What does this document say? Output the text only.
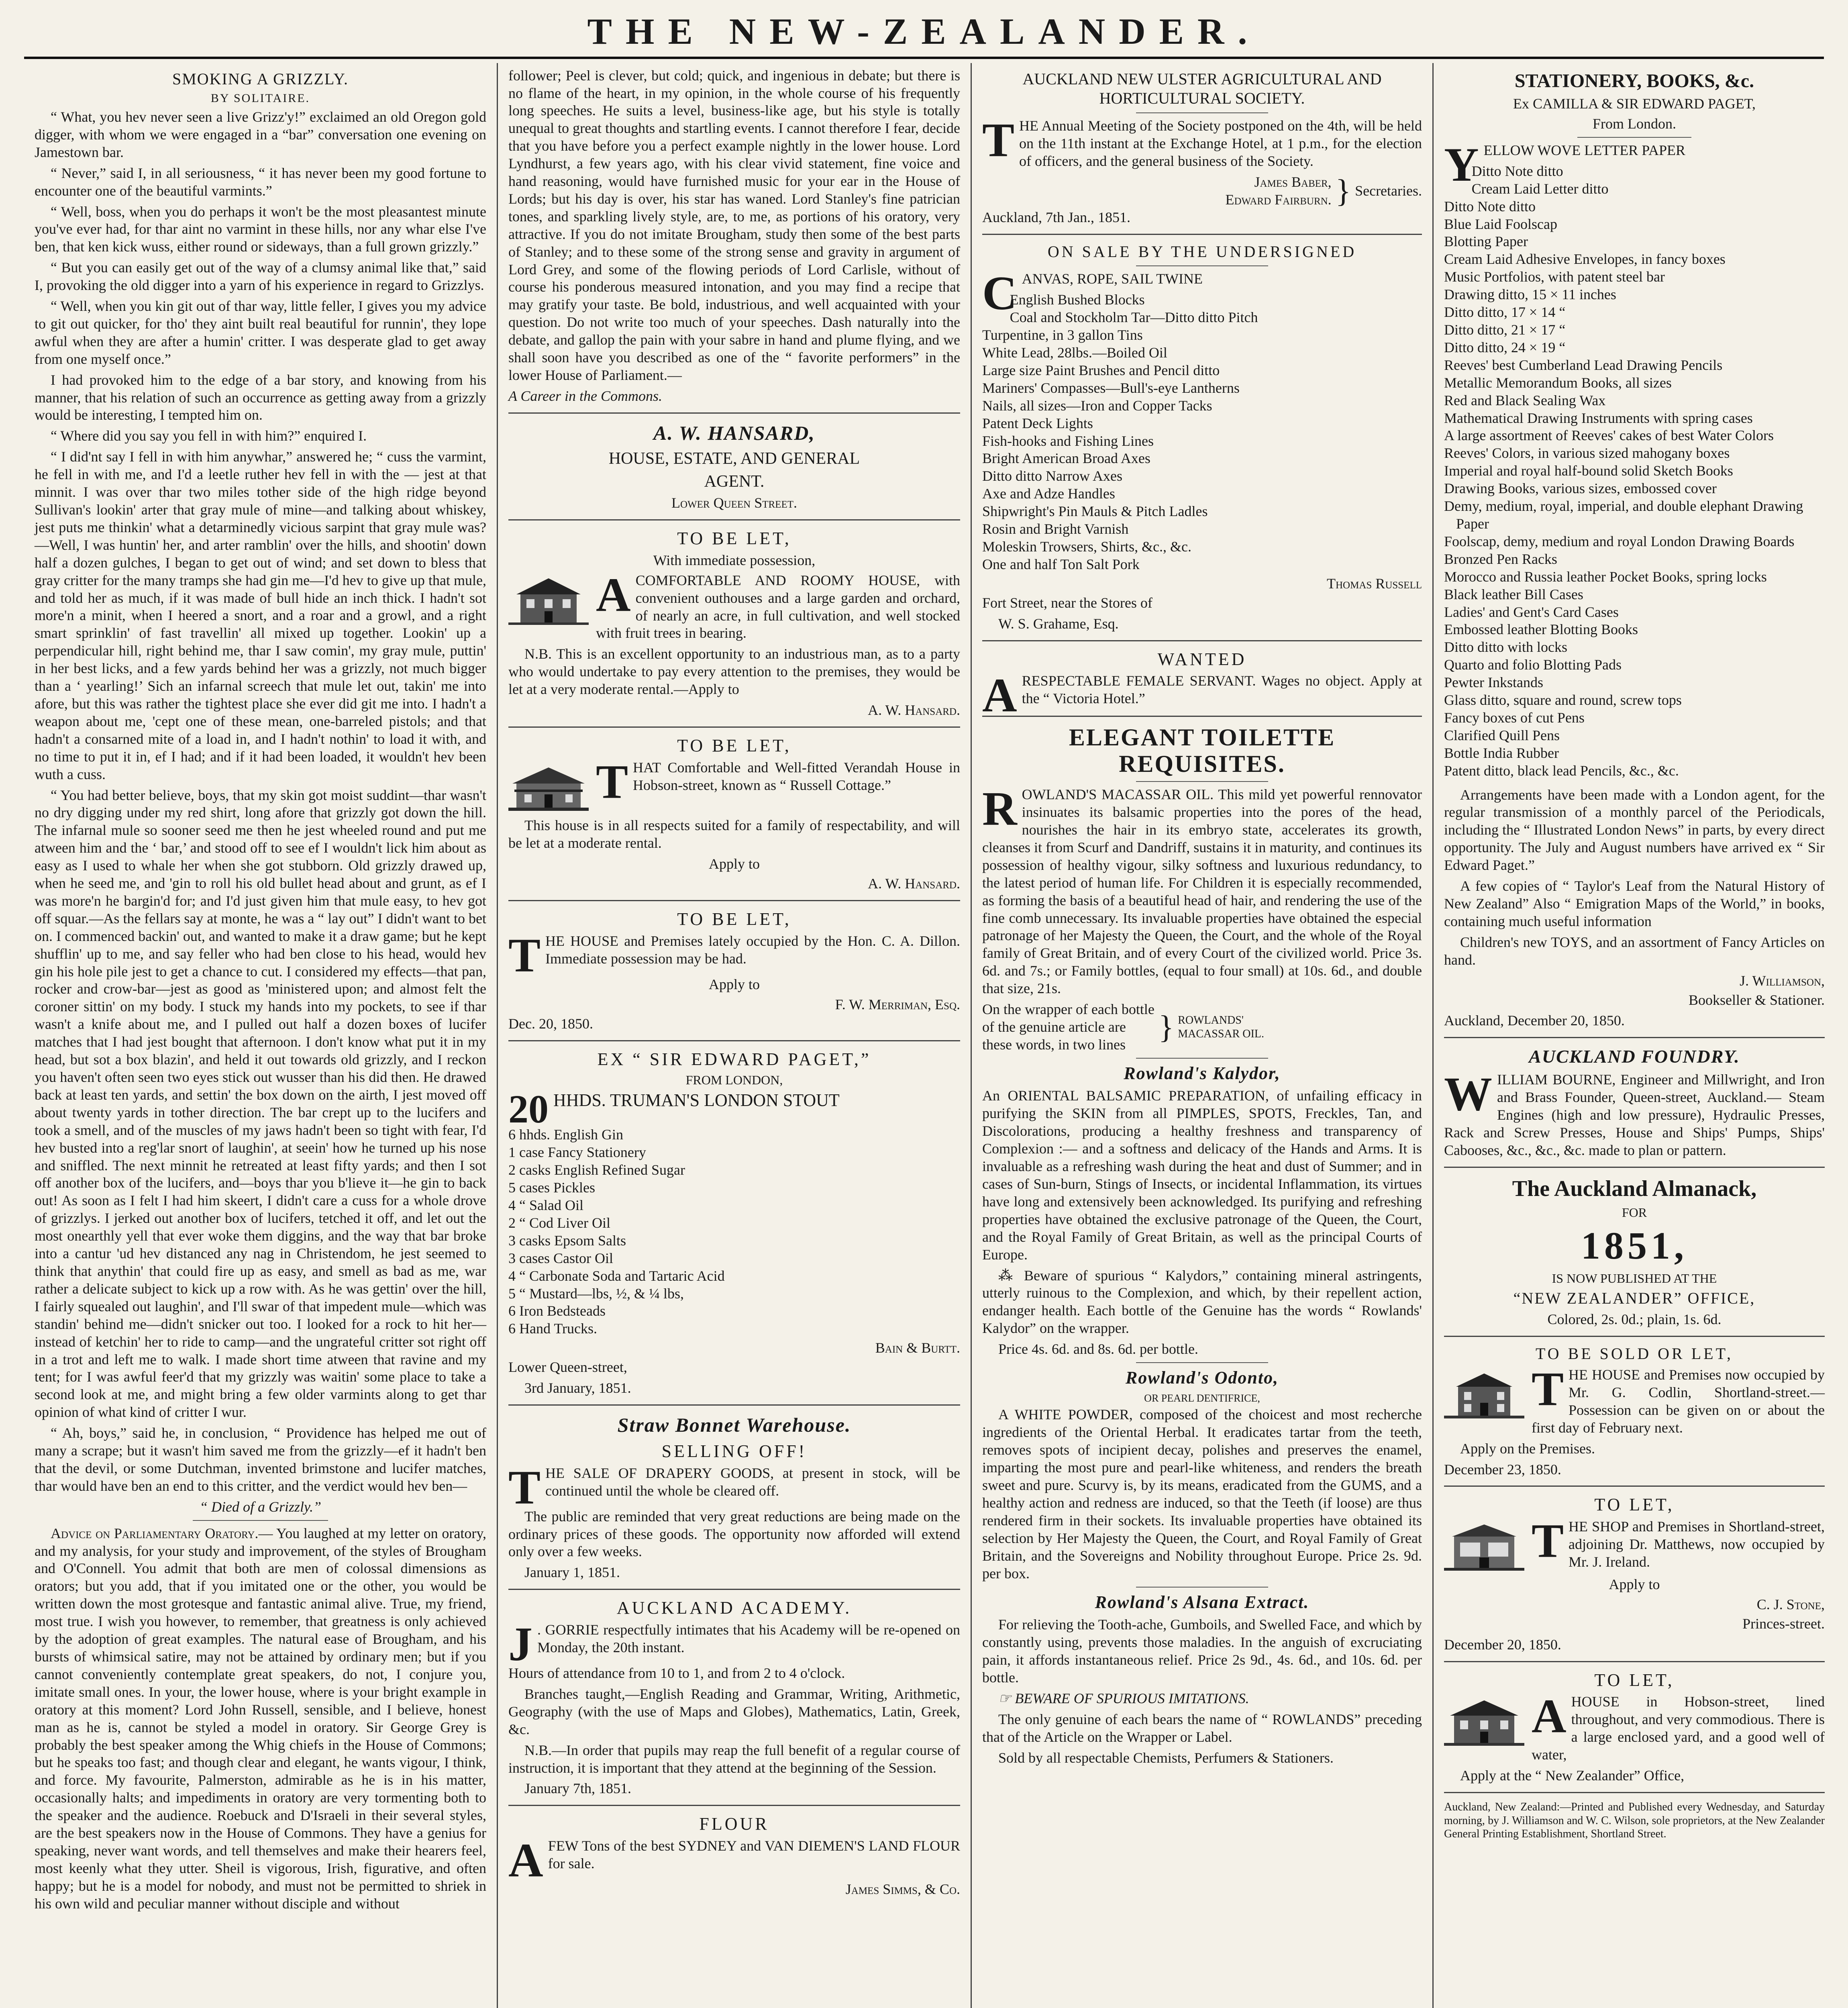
THE NEW-ZEALANDER.

SMOKING A GRIZZLY.

BY SOLITAIRE.

“ What, you hev never seen a live Grizz'y!” exclaimed an old Oregon gold digger, with whom we were engaged in a “bar” conversation one evening on Jamestown bar.

“ Never,” said I, in all seriousness, “ it has never been my good fortune to encounter one of the beautiful varmints.”

“ Well, boss, when you do perhaps it won't be the most pleasantest minute you've ever had, for thar aint no varmint in these hills, nor any whar else I've ben, that ken kick wuss, either round or sideways, than a full grown grizzly.”

“ But you can easily get out of the way of a clumsy animal like that,” said I, provoking the old digger into a yarn of his experience in regard to Grizzlys.

“ Well, when you kin git out of thar way, little feller, I gives you my advice to git out quicker, for tho' they aint built real beautiful for runnin', they lope awful when they are after a humin' critter. I was desperate glad to get away from one myself once.”

I had provoked him to the edge of a bar story, and knowing from his manner, that his relation of such an occurrence as getting away from a grizzly would be interesting, I tempted him on.

“ Where did you say you fell in with him?” enquired I.

“ I did'nt say I fell in with him anywhar,” answered he; “ cuss the varmint, he fell in with me, and I'd a leetle ruther hev fell in with the — jest at that minnit. I was over thar two miles tother side of the high ridge beyond Sullivan's lookin' arter that gray mule of mine—and talking about whiskey, jest puts me thinkin' what a detarminedly vicious sarpint that gray mule was?—Well, I was huntin' her, and arter ramblin' over the hills, and shootin' down half a dozen gulches, I began to get out of wind; and set down to bless that gray critter for the many tramps she had gin me—I'd hev to give up that mule, and told her as much, if it was made of bull hide an inch thick. I hadn't sot more'n a minit, when I heered a snort, and a roar and a growl, and a right smart sprinklin' of fast travellin' all mixed up together. Lookin' up a perpendicular hill, right behind me, thar I saw comin', my gray mule, puttin' in her best licks, and a few yards behind her was a grizzly, not much bigger than a ‘ yearling!’ Sich an infarnal screech that mule let out, takin' me into afore, but this was rather the tightest place she ever did git me into. I hadn't a weapon about me, 'cept one of these mean, one-barreled pistols; and that hadn't a consarned mite of a load in, and I hadn't nothin' to load it with, and no time to put it in, ef I had; and if it had been loaded, it wouldn't hev been wuth a cuss.

“ You had better believe, boys, that my skin got moist suddint—thar wasn't no dry digging under my red shirt, long afore that grizzly got down the hill. The infarnal mule so sooner seed me then he jest wheeled round and put me atween him and the ‘ bar,’ and stood off to see ef I wouldn't lick him about as easy as I used to whale her when she got stubborn. Old grizzly drawed up, when he seed me, and 'gin to roll his old bullet head about and grunt, as ef I was more'n he bargin'd for; and I'd just given him that mule easy, to hev got off squar.—As the fellars say at monte, he was a “ lay out” I didn't want to bet on. I commenced backin' out, and wanted to make it a draw game; but he kept shufflin' up to me, and say feller who had ben close to his head, would hev gin his hole pile jest to get a chance to cut. I considered my effects—that pan, rocker and crow-bar—jest as good as 'ministered upon; and almost felt the coroner sittin' on my body. I stuck my hands into my pockets, to see if thar wasn't a knife about me, and I pulled out half a dozen boxes of lucifer matches that I had jest bought that afternoon. I don't know what put it in my head, but sot a box blazin', and held it out towards old grizzly, and I reckon you haven't often seen two eyes stick out wusser than his did then. He drawed back at least ten yards, and settin' the box down on the airth, I jest moved off about twenty yards in tother direction. The bar crept up to the lucifers and took a smell, and of the muscles of my jaws hadn't been so tight with fear, I'd hev busted into a reg'lar snort of laughin', at seein' how he turned up his nose and sniffled. The next minnit he retreated at least fifty yards; and then I sot off another box of the lucifers, and—boys thar you b'lieve it—he gin to back out! As soon as I felt I had him skeert, I didn't care a cuss for a whole drove of grizzlys. I jerked out another box of lucifers, tetched it off, and let out the most onearthly yell that ever woke them diggins, and the way that bar broke into a cantur 'ud hev distanced any nag in Christendom, he jest seemed to think that anythin' that could fire up as easy, and smell as bad as me, war rather a delicate subject to kick up a row with. As he was gettin' over the hill, I fairly squealed out laughin', and I'll swar of that impedent mule—which was standin' behind me—didn't snicker out too. I looked for a rock to hit her—instead of ketchin' her to ride to camp—and the ungrateful critter sot right off in a trot and left me to walk. I made short time atween that ravine and my tent; for I was awful feer'd that my grizzly was waitin' some place to take a second look at me, and might bring a few older varmints along to get thar opinion of what kind of critter I wur.

“ Ah, boys,” said he, in conclusion, “ Providence has helped me out of many a scrape; but it wasn't him saved me from the grizzly—ef it hadn't ben that the devil, or some Dutchman, invented brimstone and lucifer matches, thar would have ben an end to this critter, and the verdict would hev ben—

“ Died of a Grizzly.”

Advice on Parliamentary Oratory.— You laughed at my letter on oratory, and my analysis, for your study and improvement, of the styles of Brougham and O'Connell. You admit that both are men of colossal dimensions as orators; but you add, that if you imitated one or the other, you would be written down the most grotesque and fantastic animal alive. True, my friend, most true. I wish you however, to remember, that greatness is only achieved by the adoption of great examples. The natural ease of Brougham, and his bursts of whimsical satire, may not be attained by ordinary men; but if you cannot conveniently contemplate great speakers, do not, I conjure you, imitate small ones. In your, the lower house, where is your bright example in oratory at this moment? Lord John Russell, sensible, and I believe, honest man as he is, cannot be styled a model in oratory. Sir George Grey is probably the best speaker among the Whig chiefs in the House of Commons; but he speaks too fast; and though clear and elegant, he wants vigour, I think, and force. My favourite, Palmerston, admirable as he is in his matter, occasionally halts; and impediments in oratory are very tormenting both to the speaker and the audience. Roebuck and D'Israeli in their several styles, are the best speakers now in the House of Commons. They have a genius for speaking, never want words, and tell themselves and make their hearers feel, most keenly what they utter. Sheil is vigorous, Irish, figurative, and often happy; but he is a model for nobody, and must not be permitted to shriek in his own wild and peculiar manner without disciple and without

follower; Peel is clever, but cold; quick, and ingenious in debate; but there is no flame of the heart, in my opinion, in the whole course of his frequently long speeches. He suits a level, business-like age, but his style is totally unequal to great thoughts and startling events. I cannot therefore I fear, decide that you have before you a perfect example nightly in the lower house. Lord Lyndhurst, a few years ago, with his clear vivid statement, fine voice and hand reasoning, would have furnished music for your ear in the House of Lords; but his day is over, his star has waned. Lord Stanley's fine patrician tones, and sparkling lively style, are, to me, as portions of his oratory, very attractive. If you do not imitate Brougham, study then some of the best parts of Stanley; and to these some of the strong sense and gravity in argument of Lord Grey, and some of the flowing periods of Lord Carlisle, without of course his ponderous measured intonation, and you may find a recipe that may gratify your taste. Be bold, industrious, and well acquainted with your question. Do not write too much of your speeches. Dash naturally into the debate, and gallop the pain with your sabre in hand and plume flying, and we shall soon have you described as one of the “ favorite performers” in the lower House of Parliament.—

A Career in the Commons.

A. W. HANSARD,

HOUSE, ESTATE, AND GENERAL

AGENT.

Lower Queen Street.

TO BE LET,

With immediate possession,

ACOMFORTABLE AND ROOMY HOUSE, with convenient outhouses and a large garden and orchard, of nearly an acre, in full cultivation, and well stocked with fruit trees in bearing.

N.B. This is an excellent opportunity to an industrious man, as to a party who would undertake to pay every attention to the premises, they would be let at a very moderate rental.—Apply to

A. W. Hansard.

TO BE LET,

THAT Comfortable and Well-fitted Verandah House in Hobson-street, known as “ Russell Cottage.”

This house is in all respects suited for a family of respectability, and will be let at a moderate rental.

Apply to

A. W. Hansard.

TO BE LET,

THE HOUSE and Premises lately occupied by the Hon. C. A. Dillon. Immediate possession may be had.

Apply to

F. W. Merriman, Esq.

Dec. 20, 1850.

EX “ SIR EDWARD PAGET,”

FROM LONDON,

20 HHDS. TRUMAN'S LONDON STOUT

6 hhds. English Gin
1 case Fancy Stationery
2 casks English Refined Sugar
5 cases Pickles
4 “ Salad Oil
2 “ Cod Liver Oil
3 casks Epsom Salts
3 cases Castor Oil
4 “ Carbonate Soda and Tartaric Acid
5 “ Mustard—lbs, ½, & ¼ lbs,
6 Iron Bedsteads
6 Hand Trucks.

Bain & Burtt.

Lower Queen-street,

3rd January, 1851.

Straw Bonnet Warehouse.

SELLING OFF!

THE SALE OF DRAPERY GOODS, at present in stock, will be continued until the whole be cleared off.

The public are reminded that very great reductions are being made on the ordinary prices of these goods. The opportunity now afforded will extend only over a few weeks.

January 1, 1851.

AUCKLAND ACADEMY.

J . GORRIE respectfully intimates that his Academy will be re-opened on Monday, the 20th instant.

Hours of attendance from 10 to 1, and from 2 to 4 o'clock.

Branches taught,—English Reading and Grammar, Writing, Arithmetic, Geography (with the use of Maps and Globes), Mathematics, Latin, Greek, &c.

N.B.—In order that pupils may reap the full benefit of a regular course of instruction, it is important that they attend at the beginning of the Session.

January 7th, 1851.

FLOUR

AFEW Tons of the best SYDNEY and VAN DIEMEN'S LAND FLOUR for sale.

James Simms, & Co.

AUCKLAND NEW ULSTER AGRICULTURAL AND HORTICULTURAL SOCIETY.

THE Annual Meeting of the Society postponed on the 4th, will be held on the 11th instant at the Exchange Hotel, at 1 p.m., for the election of officers, and the general business of the Society.

James Baber,
Edward Fairburn. } Secretaries.

Auckland, 7th Jan., 1851.

ON SALE BY THE UNDERSIGNED

CANVAS, ROPE, SAIL TWINE

English Bushed Blocks
Coal and Stockholm Tar—Ditto ditto Pitch
Turpentine, in 3 gallon Tins
White Lead, 28lbs.—Boiled Oil
Large size Paint Brushes and Pencil ditto
Mariners' Compasses—Bull's-eye Lantherns
Nails, all sizes—Iron and Copper Tacks
Patent Deck Lights
Fish-hooks and Fishing Lines
Bright American Broad Axes
Ditto ditto Narrow Axes
Axe and Adze Handles
Shipwright's Pin Mauls & Pitch Ladles
Rosin and Bright Varnish
Moleskin Trowsers, Shirts, &c., &c.
One and half Ton Salt Pork

Thomas Russell

Fort Street, near the Stores of

W. S. Grahame, Esq.

WANTED

ARESPECTABLE FEMALE SERVANT. Wages no object. Apply at the “ Victoria Hotel.”

ELEGANT TOILETTE REQUISITES.

ROWLAND'S MACASSAR OIL. This mild yet powerful rennovator insinuates its balsamic properties into the pores of the head, nourishes the hair in its embryo state, accelerates its growth, cleanses it from Scurf and Dandriff, sustains it in maturity, and continues its possession of healthy vigour, silky softness and luxurious redundancy, to the latest period of human life. For Children it is especially recommended, as forming the basis of a beautiful head of hair, and rendering the use of the fine comb unnecessary. Its invaluable properties have obtained the especial patronage of her Majesty the Queen, the Court, and the whole of the Royal family of Great Britain, and of every Court of the civilized world. Price 3s. 6d. and 7s.; or Family bottles, (equal to four small) at 10s. 6d., and double that size, 21s.

On the wrapper of each bottle
of the genuine article are
these words, in two lines	} ROWLANDS'
MACASSAR OIL.

Rowland's Kalydor,

An ORIENTAL BALSAMIC PREPARATION, of unfailing efficacy in purifying the SKIN from all PIMPLES, SPOTS, Freckles, Tan, and Discolorations, producing a healthy freshness and transparency of Complexion :— and a softness and delicacy of the Hands and Arms. It is invaluable as a refreshing wash during the heat and dust of Summer; and in cases of Sun-burn, Stings of Insects, or incidental Inflammation, its virtues have long and extensively been acknowledged. Its purifying and refreshing properties have obtained the exclusive patronage of the Queen, the Court, and the Royal Family of Great Britain, as well as the principal Courts of Europe.

⁂ Beware of spurious “ Kalydors,” containing mineral astringents, utterly ruinous to the Complexion, and which, by their repellent action, endanger health. Each bottle of the Genuine has the words “ Rowlands' Kalydor” on the wrapper.

Price 4s. 6d. and 8s. 6d. per bottle.

Rowland's Odonto,

OR PEARL DENTIFRICE,

A WHITE POWDER, composed of the choicest and most recherche ingredients of the Oriental Herbal. It eradicates tartar from the teeth, removes spots of incipient decay, polishes and preserves the enamel, imparting the most pure and pearl-like whiteness, and renders the breath sweet and pure. Scurvy is, by its means, eradicated from the GUMS, and a healthy action and redness are induced, so that the Teeth (if loose) are thus rendered firm in their sockets. Its invaluable properties have obtained its selection by Her Majesty the Queen, the Court, and Royal Family of Great Britain, and the Sovereigns and Nobility throughout Europe. Price 2s. 9d. per box.

Rowland's Alsana Extract.

For relieving the Tooth-ache, Gumboils, and Swelled Face, and which by constantly using, prevents those maladies. In the anguish of excruciating pain, it affords instantaneous relief. Price 2s 9d., 4s. 6d., and 10s. 6d. per bottle.

☞ BEWARE OF SPURIOUS IMITATIONS.

The only genuine of each bears the name of “ ROWLANDS” preceding that of the Article on the Wrapper or Label.

Sold by all respectable Chemists, Perfumers & Stationers.

STATIONERY, BOOKS, &c.

Ex CAMILLA & SIR EDWARD PAGET,

From London.

YELLOW WOVE LETTER PAPER

Ditto Note ditto
Cream Laid Letter ditto
Ditto Note ditto
Blue Laid Foolscap
Blotting Paper
Cream Laid Adhesive Envelopes, in fancy boxes
Music Portfolios, with patent steel bar
Drawing ditto, 15 × 11 inches
Ditto ditto, 17 × 14 “
Ditto ditto, 21 × 17 “
Ditto ditto, 24 × 19 “
Reeves' best Cumberland Lead Drawing Pencils
Metallic Memorandum Books, all sizes
Red and Black Sealing Wax
Mathematical Drawing Instruments with spring cases
A large assortment of Reeves' cakes of best Water Colors
Reeves' Colors, in various sized mahogany boxes
Imperial and royal half-bound solid Sketch Books
Drawing Books, various sizes, embossed cover
Demy, medium, royal, imperial, and double elephant Drawing Paper
Foolscap, demy, medium and royal London Drawing Boards
Bronzed Pen Racks
Morocco and Russia leather Pocket Books, spring locks
Black leather Bill Cases
Ladies' and Gent's Card Cases
Embossed leather Blotting Books
Ditto ditto with locks
Quarto and folio Blotting Pads
Pewter Inkstands
Glass ditto, square and round, screw tops
Fancy boxes of cut Pens
Clarified Quill Pens
Bottle India Rubber
Patent ditto, black lead Pencils, &c., &c.

Arrangements have been made with a London agent, for the regular transmission of a monthly parcel of the Periodicals, including the “ Illustrated London News” in parts, by every direct opportunity. The July and August numbers have arrived ex “ Sir Edward Paget.”

A few copies of “ Taylor's Leaf from the Natural History of New Zealand” Also “ Emigration Maps of the World,” in books, containing much useful information

Children's new TOYS, and an assortment of Fancy Articles on hand.

J. Williamson,

Bookseller & Stationer.

Auckland, December 20, 1850.

AUCKLAND FOUNDRY.

WILLIAM BOURNE, Engineer and Millwright, and Iron and Brass Founder, Queen-street, Auckland.— Steam Engines (high and low pressure), Hydraulic Presses, Rack and Screw Presses, House and Ships' Pumps, Ships' Cabooses, &c., &c., &c. made to plan or pattern.

The Auckland Almanack,

FOR

1851,

IS NOW PUBLISHED AT THE

“NEW ZEALANDER” OFFICE,

Colored, 2s. 0d.; plain, 1s. 6d.

TO BE SOLD OR LET,

THE HOUSE and Premises now occupied by Mr. G. Codlin, Shortland-street.—Possession can be given on or about the first day of February next.

Apply on the Premises.

December 23, 1850.

TO LET,

THE SHOP and Premises in Shortland-street, adjoining Dr. Matthews, now occupied by Mr. J. Ireland.

Apply to

C. J. Stone,

Princes-street.

December 20, 1850.

TO LET,

AHOUSE in Hobson-street, lined throughout, and very commodious. There is a large enclosed yard, and a good well of water,

Apply at the “ New Zealander” Office,

Auckland, New Zealand:—Printed and Published every Wednesday, and Saturday morning, by J. Williamson and W. C. Wilson, sole proprietors, at the New Zealander General Printing Establishment, Shortland Street.
